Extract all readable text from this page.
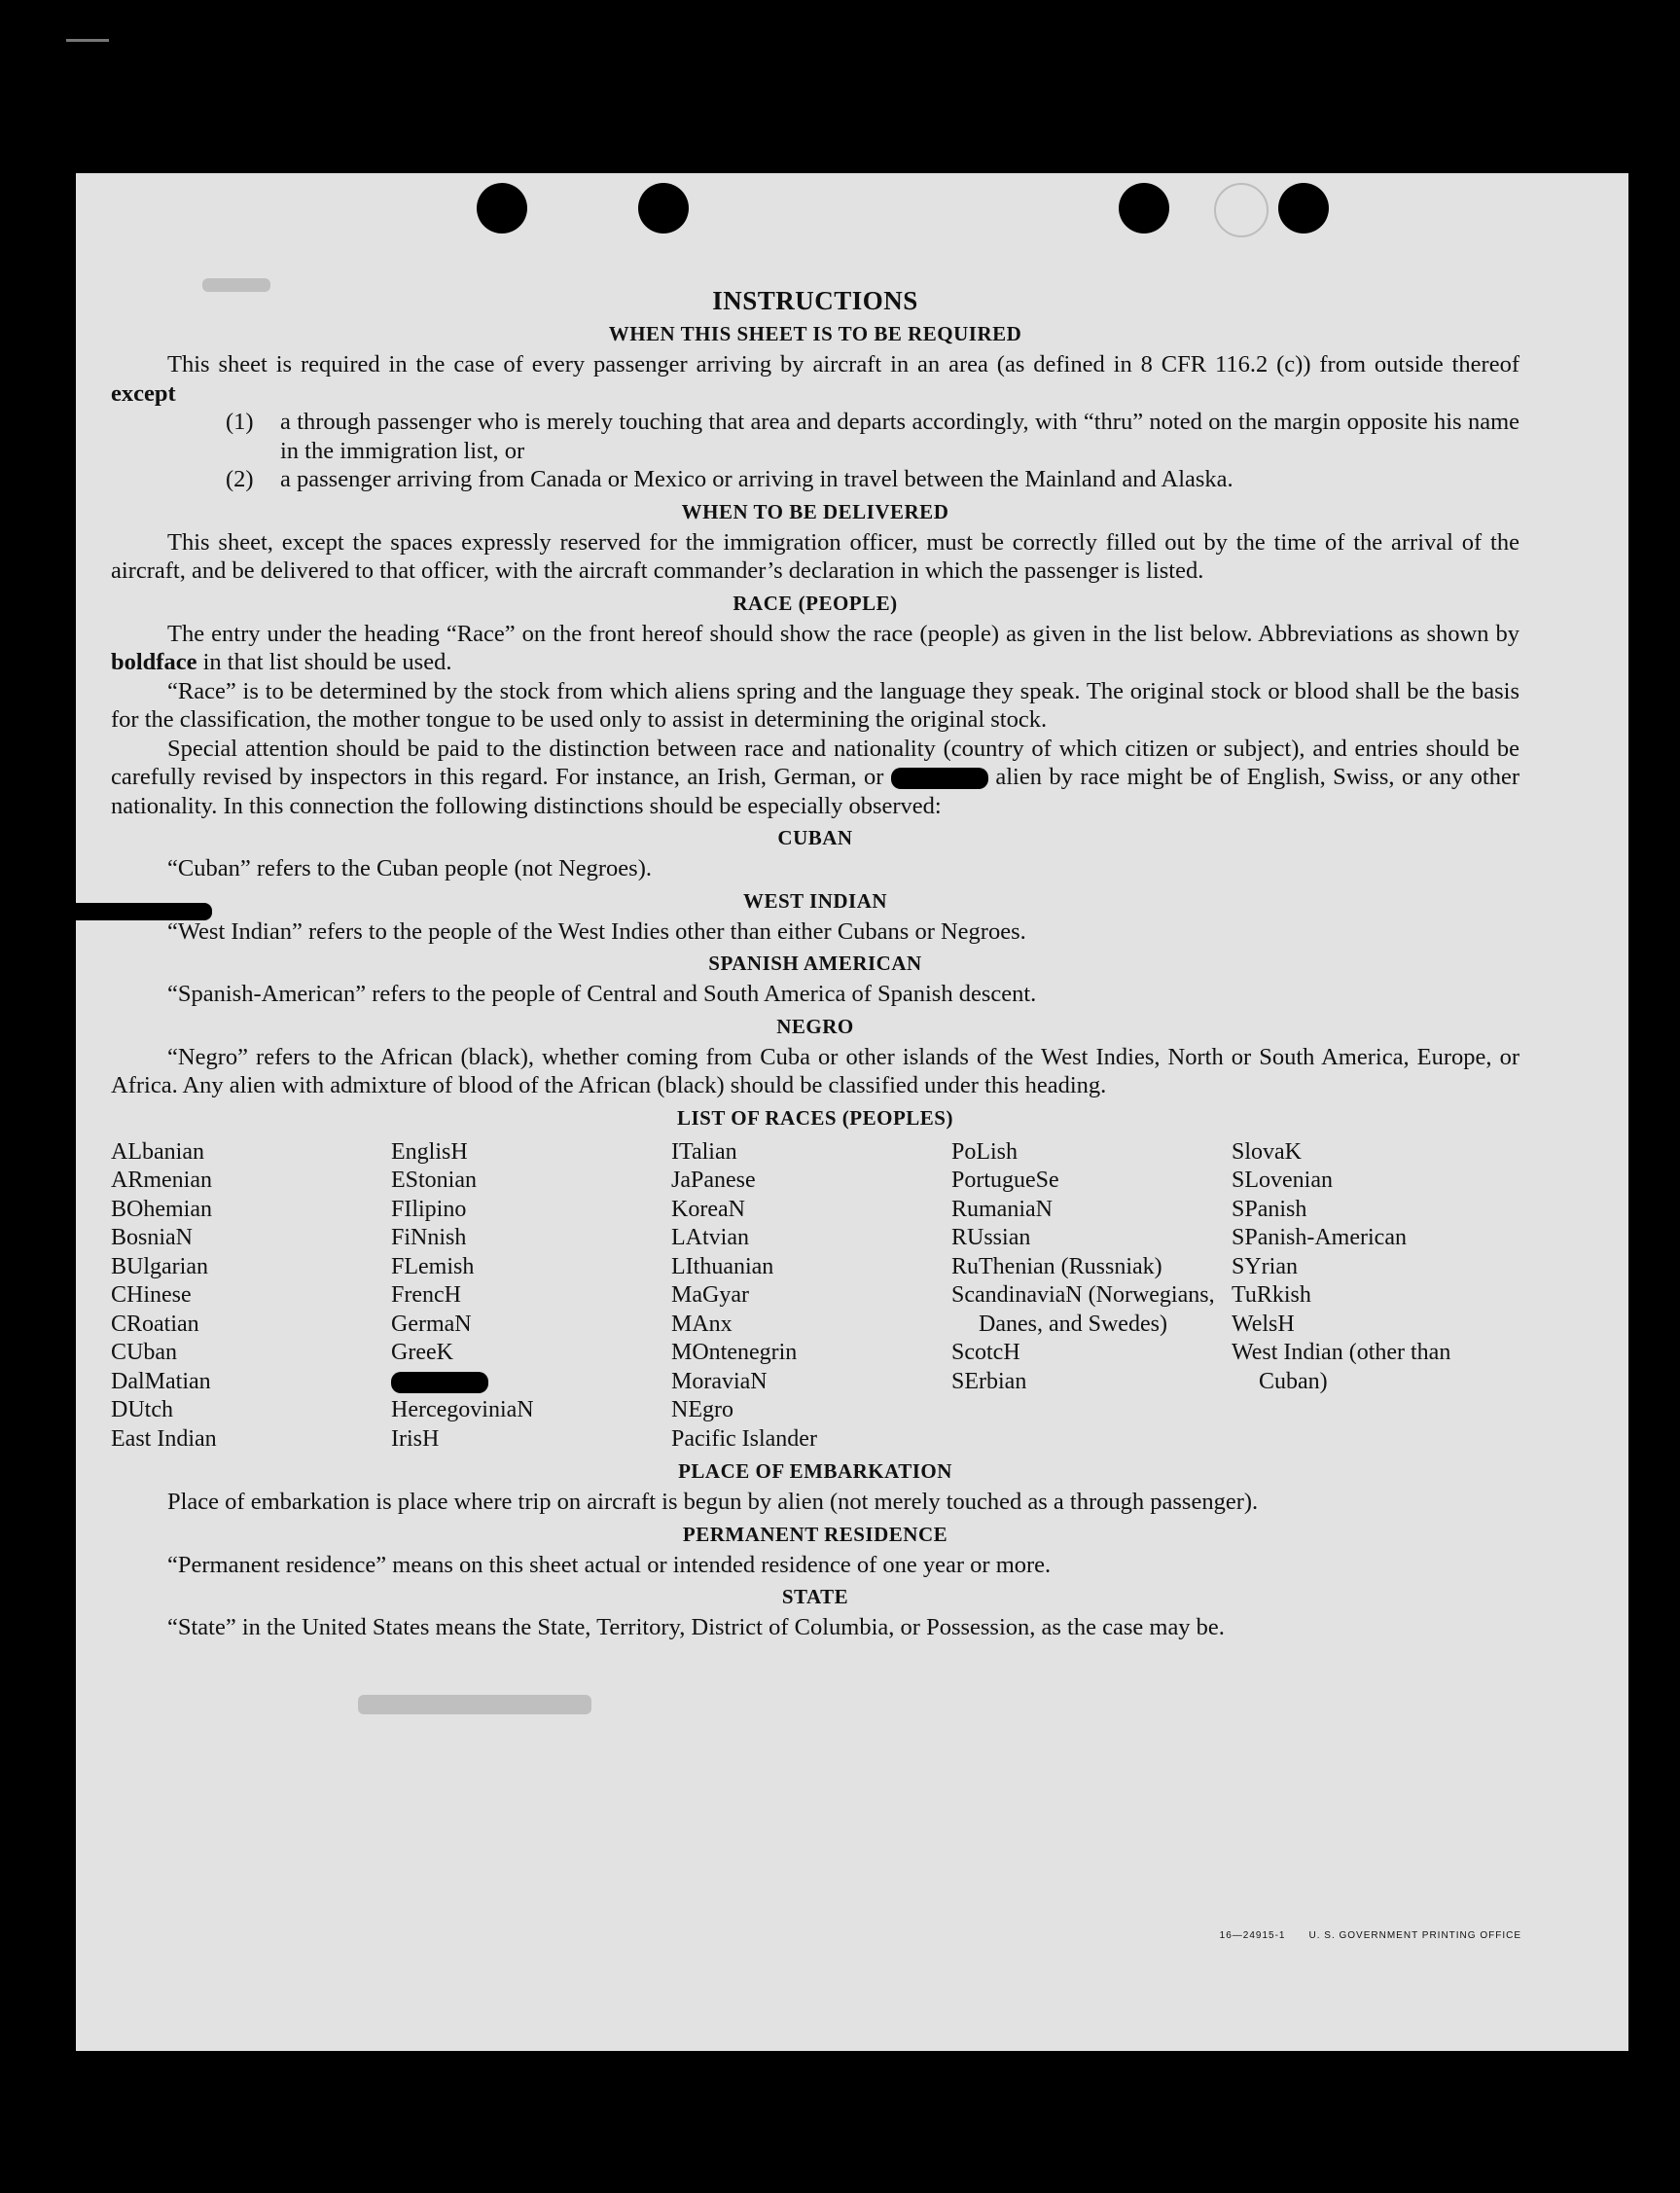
INSTRUCTIONS
WHEN THIS SHEET IS TO BE REQUIRED

This sheet is required in the case of every passenger arriving by aircraft in an area (as defined in 8 CFR 116.2 (c)) from outside thereof except

(1)	a through passenger who is merely touching that area and departs accordingly, with “thru” noted on the margin opposite his name in the immigration list, or
(2)	a passenger arriving from Canada or Mexico or arriving in travel between the Mainland and Alaska.
WHEN TO BE DELIVERED

This sheet, except the spaces expressly reserved for the immigration officer, must be correctly filled out by the time of the arrival of the aircraft, and be delivered to that officer, with the aircraft commander’s declaration in which the passenger is listed.

RACE (PEOPLE)

The entry under the heading “Race” on the front hereof should show the race (people) as given in the list below. Abbreviations as shown by boldface in that list should be used.

“Race” is to be determined by the stock from which aliens spring and the language they speak. The original stock or blood shall be the basis for the classification, the mother tongue to be used only to assist in determining the original stock.

Special attention should be paid to the distinction between race and nationality (country of which citizen or subject), and entries should be carefully revised by inspectors in this regard. For instance, an Irish, German, or	alien by race might be of English, Swiss, or any other nationality. In this connection the following distinctions should be especially observed:

CUBAN

“Cuban” refers to the Cuban people (not Negroes).

WEST INDIAN

“West Indian” refers to the people of the West Indies other than either Cubans or Negroes.

SPANISH AMERICAN

“Spanish-American” refers to the people of Central and South America of Spanish descent.

NEGRO

“Negro” refers to the African (black), whether coming from Cuba or other islands of the West Indies, North or South America, Europe, or Africa. Any alien with admixture of blood of the African (black) should be classified under this heading.

LIST OF RACES (PEOPLES)
ALbanian
ARmenian
BOhemian
BosniaN
BUlgarian
CHinese
CRoatian
CUban
DalMatian
DUtch
East Indian
EnglisH
EStonian
FIlipino
FiNnish
FLemish
FrencH
GermaN
GreeK
HercegoviniaN
IrisH
ITalian
JaPanese
KoreaN
LAtvian
LIthuanian
MaGyar
MAnx
MOntenegrin
MoraviaN
NEgro
Pacific Islander
PoLish
PortugueSe
RumaniaN
RUssian
RuThenian (Russniak)
ScandinaviaN (Norwegians, Danes, and Swedes)
ScotcH
SErbian
SlovaK
SLovenian
SPanish
SPanish-American
SYrian
TuRkish
WelsH
West Indian (other than Cuban)
PLACE OF EMBARKATION

Place of embarkation is place where trip on aircraft is begun by alien (not merely touched as a through passenger).

PERMANENT RESIDENCE

“Permanent residence” means on this sheet actual or intended residence of one year or more.

STATE

“State” in the United States means the State, Territory, District of Columbia, or Possession, as the case may be.

16—24915-1 U. S. GOVERNMENT PRINTING OFFICE
